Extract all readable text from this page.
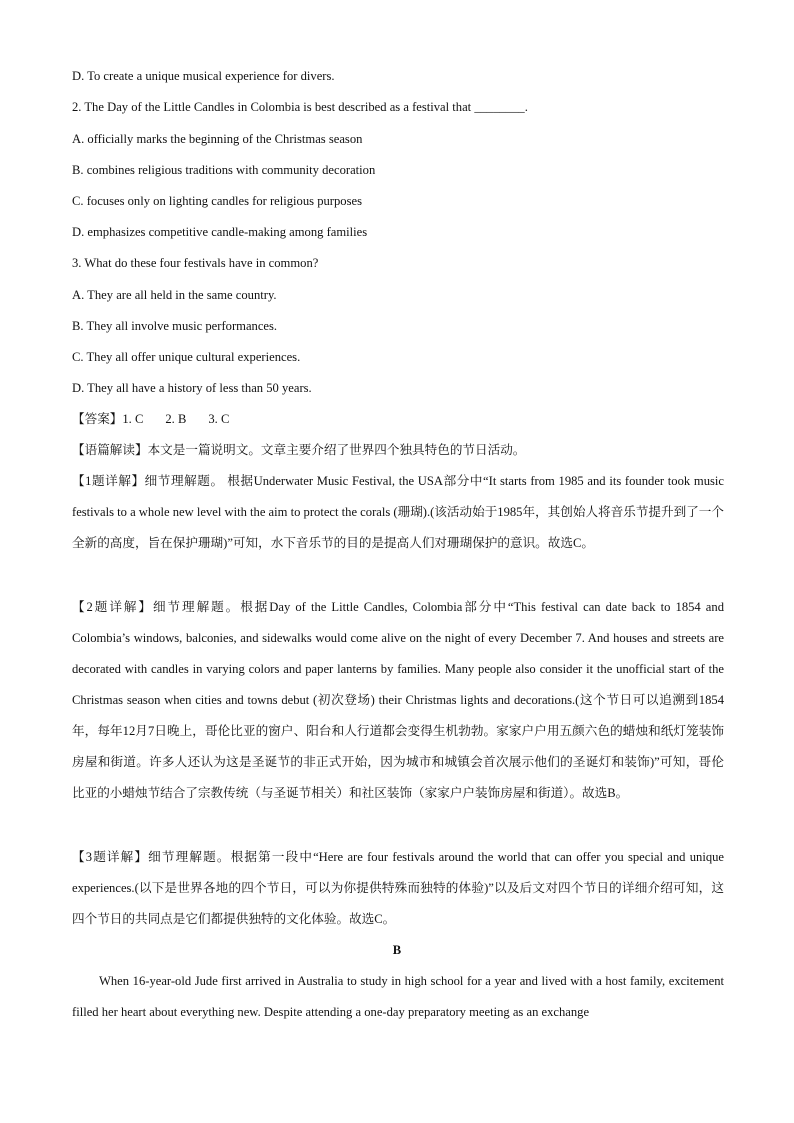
D. To create a unique musical experience for divers.
2. The Day of the Little Candles in Colombia is best described as a festival that ________.
A. officially marks the beginning of the Christmas season
B. combines religious traditions with community decoration
C. focuses only on lighting candles for religious purposes
D. emphasizes competitive candle-making among families
3. What do these four festivals have in common?
A. They are all held in the same country.
B. They all involve music performances.
C. They all offer unique cultural experiences.
D. They all have a history of less than 50 years.
【答案】1. C 2. B 3. C
【语篇解读】本文是一篇说明文。文章主要介绍了世界四个独具特色的节日活动。
【1题详解】细节理解题。 根据Underwater Music Festival, the USA部分中“It starts from 1985 and its founder took music festivals to a whole new level with the aim to protect the corals (珊瑚).(该活动始于1985年，其创始人将音乐节提升到了一个全新的高度，旨在保护珊瑚)”可知，水下音乐节的目的是提高人们对珊瑚保护的意识。故选C。
【2题详解】细节理解题。根据Day of the Little Candles, Colombia部分中“This festival can date back to 1854 and Colombia’s windows, balconies, and sidewalks would come alive on the night of every December 7. And houses and streets are decorated with candles in varying colors and paper lanterns by families. Many people also consider it the unofficial start of the Christmas season when cities and towns debut (初次登场) their Christmas lights and decorations.(这个节日可以追溯到1854年，每年12月7日晚上，哥伦比亚的窗户、阳台和人行道都会变得生机勃勃。家家户户用五颜六色的蜡烛和纸灯笼装饰房屋和街道。许多人还认为这是圣诞节的非正式开始，因为城市和城镇会首次展示他们的圣诞灯和装饰)”可知，哥伦比亚的小蜡烛节结合了宗教传统（与圣诞节相关）和社区装饰（家家户户装饰房屋和街道）。故选B。
【3题详解】细节理解题。根据第一段中“Here are four festivals around the world that can offer you special and unique experiences.(以下是世界各地的四个节日，可以为你提供特殊而独特的体验)”以及后文对四个节日的详细介绍可知，这四个节日的共同点是它们都提供独特的文化体验。故选C。
B
When 16-year-old Jude first arrived in Australia to study in high school for a year and lived with a host family, excitement filled her heart about everything new. Despite attending a one-day preparatory meeting as an exchange
